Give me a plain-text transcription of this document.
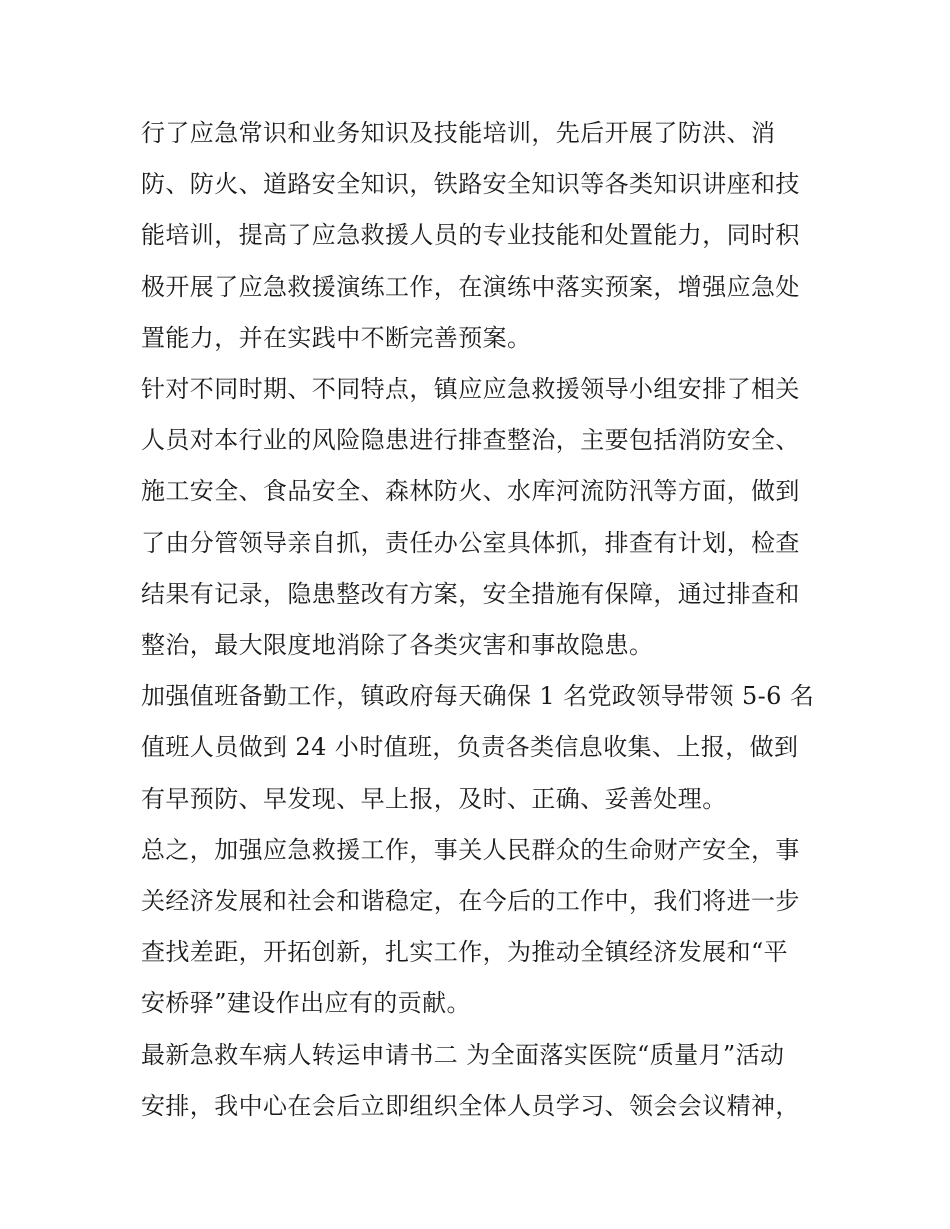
行了应急常识和业务知识及技能培训，先后开展了防洪、消
防、防火、道路安全知识，铁路安全知识等各类知识讲座和技
能培训，提高了应急救援人员的专业技能和处置能力，同时积
极开展了应急救援演练工作，在演练中落实预案，增强应急处
置能力，并在实践中不断完善预案。

针对不同时期、不同特点，镇应应急救援领导小组安排了相关
人员对本行业的风险隐患进行排查整治，主要包括消防安全、
施工安全、食品安全、森林防火、水库河流防汛等方面，做到
了由分管领导亲自抓，责任办公室具体抓，排查有计划，检查
结果有记录，隐患整改有方案，安全措施有保障，通过排查和
整治，最大限度地消除了各类灾害和事故隐患。

加强值班备勤工作，镇政府每天确保 1 名党政领导带领 5-6 名
值班人员做到 24 小时值班，负责各类信息收集、上报，做到
有早预防、早发现、早上报，及时、正确、妥善处理。

总之，加强应急救援工作，事关人民群众的生命财产安全，事
关经济发展和社会和谐稳定，在今后的工作中，我们将进一步
查找差距，开拓创新，扎实工作，为推动全镇经济发展和“平
安桥驿”建设作出应有的贡献。

最新急救车病人转运申请书二 为全面落实医院“质量月”活动
安排，我中心在会后立即组织全体人员学习、领会会议精神，
